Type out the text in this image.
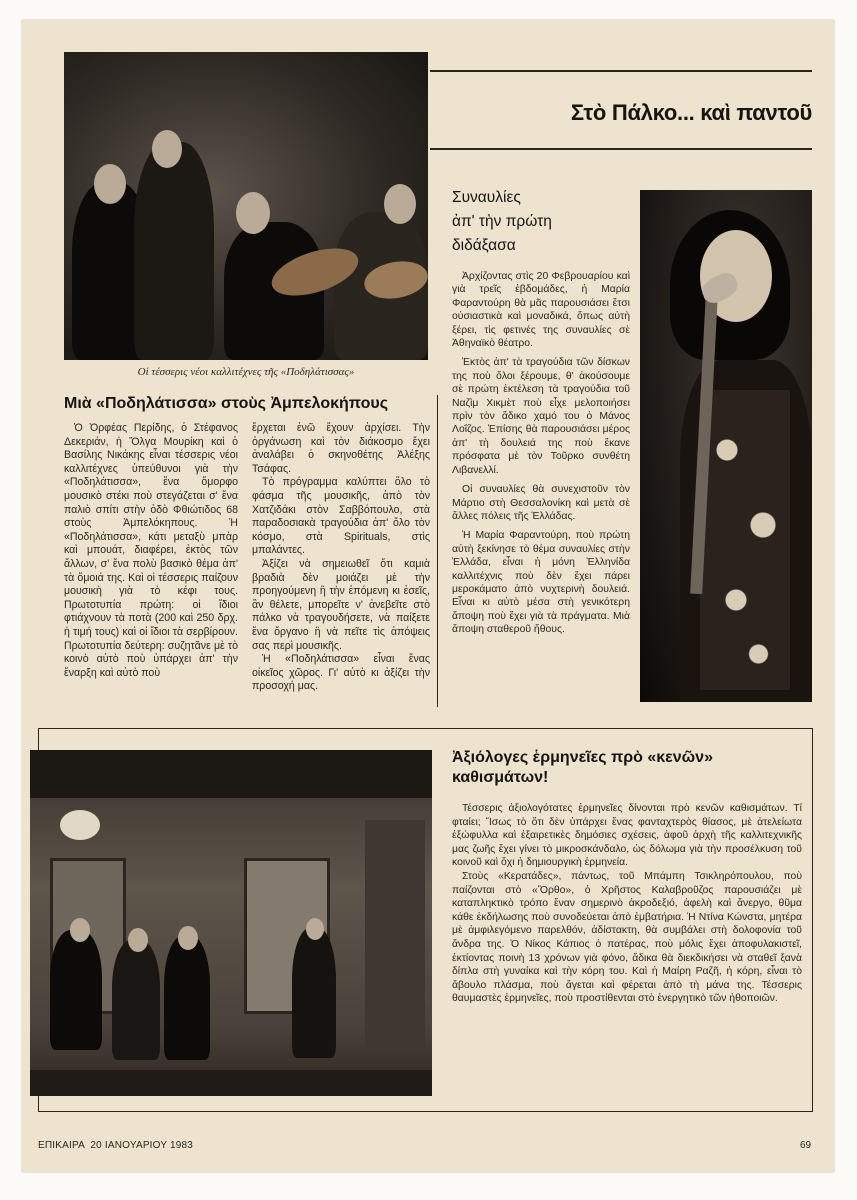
Στὸ Πάλκο... καὶ παντοῦ
Οἱ τέσσερις νέοι καλλιτέχνες τῆς «Ποδηλάτισσας»
Μιὰ «Ποδηλάτισσα» στοὺς Ἀμπελοκήπους

Ὁ Ὀρφέας Περίδης, ὁ Στέφανος Δεκεριάν, ἡ Ὄλγα Μουρίκη καὶ ὁ Βασίλης Νικάκης εἶναι τέσσερις νέοι καλλιτέχνες ὑπεύθυνοι γιὰ τὴν «Ποδηλάτισσα», ἕνα ὄμορφο μουσικὸ στέκι ποὺ στεγάζεται σ' ἕνα παλιὸ σπίτι στὴν ὁδὸ Φθιώτιδος 68 στοὺς Ἀμπελόκηπους. Ἡ «Ποδηλάτισσα», κάτι μεταξὺ μπὰρ καὶ μπουάτ, διαφέρει, ἐκτὸς τῶν ἄλλων, σ' ἕνα πολὺ βασικὸ θέμα ἀπ' τὰ ὅμοιά της. Καὶ οἱ τέσσερις παίζουν μουσικὴ γιὰ τὸ κέφι τους. Πρωτοτυπία πρώτη: οἱ ἴδιοι φτιάχνουν τὰ ποτὰ (200 καὶ 250 δρχ. ἡ τιμή τους) καὶ οἱ ἴδιοι τὰ σερβίρουν. Πρωτοτυπία δεύτερη: συζητᾶνε μὲ τὸ κοινὸ αὐτὸ ποὺ ὑπάρχει ἀπ' τὴν ἔναρξη καὶ αὐτὸ ποὺ

ἔρχεται ἐνῶ ἔχουν ἀρχίσει. Τὴν ὀργάνωση καὶ τὸν διάκοσμο ἔχει ἀναλάβει ὁ σκηνοθέτης Ἀλέξης Τσάφας.

Τὸ πρόγραμμα καλύπτει ὅλο τὸ φάσμα τῆς μουσικῆς, ἀπὸ τὸν Χατζιδάκι στὸν Σαββόπουλο, στὰ παραδοσιακὰ τραγούδια ἀπ' ὅλο τὸν κόσμο, στὰ Spirituals, στὶς μπαλάντες.

Ἀξίζει νὰ σημειωθεῖ ὅτι καμιὰ βραδιὰ δὲν μοιάζει μὲ τὴν προηγούμενη ἢ τὴν ἑπόμενη κι ἐσεῖς, ἂν θέλετε, μπορεῖτε ν' ἀνεβεῖτε στὸ πάλκο νὰ τραγουδήσετε, νὰ παίξετε ἕνα ὄργανο ἢ νὰ πεῖτε τὶς ἀπόψεις σας περὶ μουσικῆς.

Ἡ «Ποδηλάτισσα» εἶναι ἕνας οἰκεῖος χῶρος. Γι' αὐτὸ κι ἀξίζει τὴν προσοχή μας.

Συναυλίες
ἀπ' τὴν πρώτη
διδάξασα

Ἀρχίζοντας στὶς 20 Φεβρουαρίου καὶ γιὰ τρεῖς ἑβδομάδες, ἡ Μαρία Φαραντούρη θὰ μᾶς παρουσιάσει ἔτσι οὐσιαστικὰ καὶ μοναδικά, ὅπως αὐτὴ ξέρει, τὶς φετινές της συναυλίες σὲ Ἀθηναϊκὸ θέατρο.

Ἐκτὸς ἀπ' τὰ τραγούδια τῶν δίσκων της ποὺ ὅλοι ξέρουμε, θ' ἀκούσουμε σὲ πρώτη ἐκτέλεση τὰ τραγούδια τοῦ Ναζὶμ Χικμὲτ ποὺ εἶχε μελοποιήσει πρὶν τὸν ἄδικο χαμό του ὁ Μάνος Λοΐζος. Ἐπίσης θὰ παρουσιάσει μέρος ἀπ' τὴ δουλειά της ποὺ ἔκανε πρόσφατα μὲ τὸν Τοῦρκο συνθέτη Λιβανελλί.

Οἱ συναυλίες θὰ συνεχιστοῦν τὸν Μάρτιο στὴ Θεσσαλονίκη καὶ μετὰ σὲ ἄλλες πόλεις τῆς Ἑλλάδας.

Ἡ Μαρία Φαραντούρη, ποὺ πρώτη αὐτὴ ξεκίνησε τὸ θέμα συναυλίες στὴν Ἑλλάδα, εἶναι ἡ μόνη Ἑλληνίδα καλλιτέχνις ποὺ δὲν ἔχει πάρει μεροκάματο ἀπὸ νυχτερινὴ δουλειά. Εἶναι κι αὐτὸ μέσα στὴ γενικότερη ἄποψη ποὺ ἔχει γιὰ τὰ πράγματα. Μιὰ ἄποψη σταθεροῦ ἤθους.

Ἀξιόλογες ἑρμηνεῖες πρὸ «κενῶν»
καθισμάτων!

Τέσσερις ἀξιολογότατες ἑρμηνεῖες δίνονται πρὸ κενῶν καθισμάτων. Τί φταίει; Ἴσως τὸ ὅτι δὲν ὑπάρχει ἕνας φανταχτερὸς θίασος, μὲ ἀτελείωτα ἐξώφυλλα καὶ ἐξαιρετικὲς δημόσιες σχέσεις, ἀφοῦ ἀρχὴ τῆς καλλιτεχνικῆς μας ζωῆς ἔχει γίνει τὸ μικροσκάνδαλο, ὡς δόλωμα γιὰ τὴν προσέλκυση τοῦ κοινοῦ καὶ ὄχι ἡ δημιουργικὴ ἑρμηνεία.

Στοὺς «Κερατάδες», πάντως, τοῦ Μπάμπη Τσικληρόπουλου, ποὺ παίζονται στὸ «Ὄρθο», ὁ Χρῆστος Καλαβροῦζος παρουσιάζει μὲ καταπληκτικὸ τρόπο ἕναν σημερινὸ ἀκροδεξιό, ἀφελὴ καὶ ἄνεργο, θῦμα κάθε ἐκδήλωσης ποὺ συνοδεύεται ἀπὸ ἐμβατήρια. Ἡ Ντίνα Κώνστα, μητέρα μὲ ἀμφιλεγόμενο παρελθόν, ἀδίστακτη, θὰ συμβάλει στὴ δολοφονία τοῦ ἄνδρα της. Ὁ Νίκος Κάπιος ὁ πατέρας, ποὺ μόλις ἔχει ἀποφυλακιστεῖ, ἐκτίοντας ποινὴ 13 χρόνων γιὰ φόνο, ἄδικα θὰ διεκδικήσει νὰ σταθεῖ ξανὰ δίπλα στὴ γυναίκα καὶ τὴν κόρη του. Καὶ ἡ Μαίρη Ραζῆ, ἡ κόρη, εἶναι τὸ ἄβουλο πλάσμα, ποὺ ἄγεται καὶ φέρεται ἀπὸ τὴ μάνα της. Τέσσερις θαυμαστὲς ἑρμηνεῖες, ποὺ προστίθενται στὸ ἐνεργητικὸ τῶν ἠθοποιῶν.

ΕΠΙΚΑΙΡΑ  20 ΙΑΝΟΥΑΡΙΟΥ 1983	69
